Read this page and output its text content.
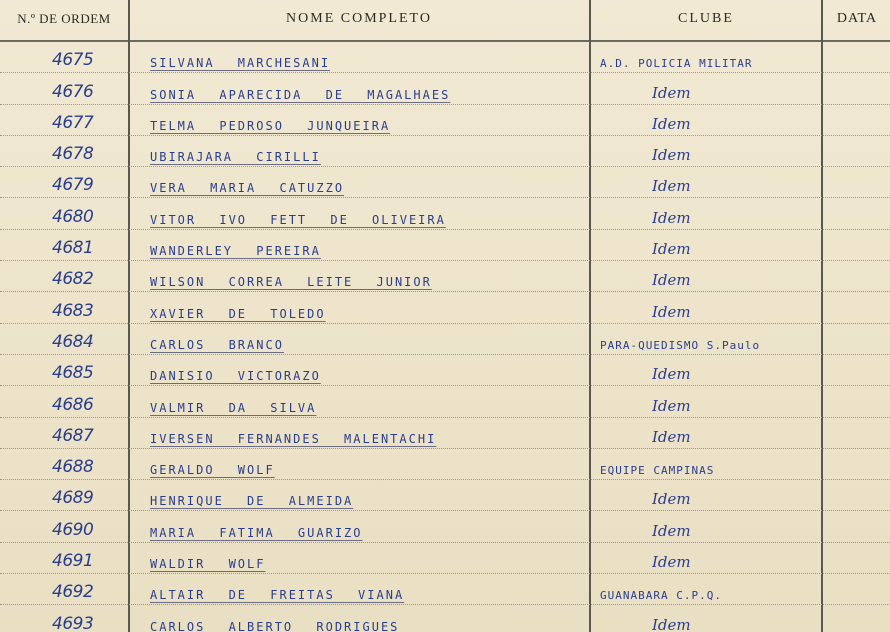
N.º DE ORDEM	NOME COMPLETO	CLUBE	DATA
4675	SILVANA MARCHESANI	A.D. POLICIA MILITAR
4676	SONIA APARECIDA DE MAGALHAES	Idem
4677	TELMA PEDROSO JUNQUEIRA	Idem
4678	UBIRAJARA CIRILLI	Idem
4679	VERA MARIA CATUZZO	Idem
4680	VITOR IVO FETT DE OLIVEIRA	Idem
4681	WANDERLEY PEREIRA	Idem
4682	WILSON CORREA LEITE JUNIOR	Idem
4683	XAVIER DE TOLEDO	Idem
4684	CARLOS BRANCO	PARA-QUEDISMO S.Paulo
4685	DANISIO VICTORAZO	Idem
4686	VALMIR DA SILVA	Idem
4687	IVERSEN FERNANDES MALENTACHI	Idem
4688	GERALDO WOLF	EQUIPE CAMPINAS
4689	HENRIQUE DE ALMEIDA	Idem
4690	MARIA FATIMA GUARIZO	Idem
4691	WALDIR WOLF	Idem
4692	ALTAIR DE FREITAS VIANA	GUANABARA C.P.Q.
4693	CARLOS ALBERTO RODRIGUES	Idem
